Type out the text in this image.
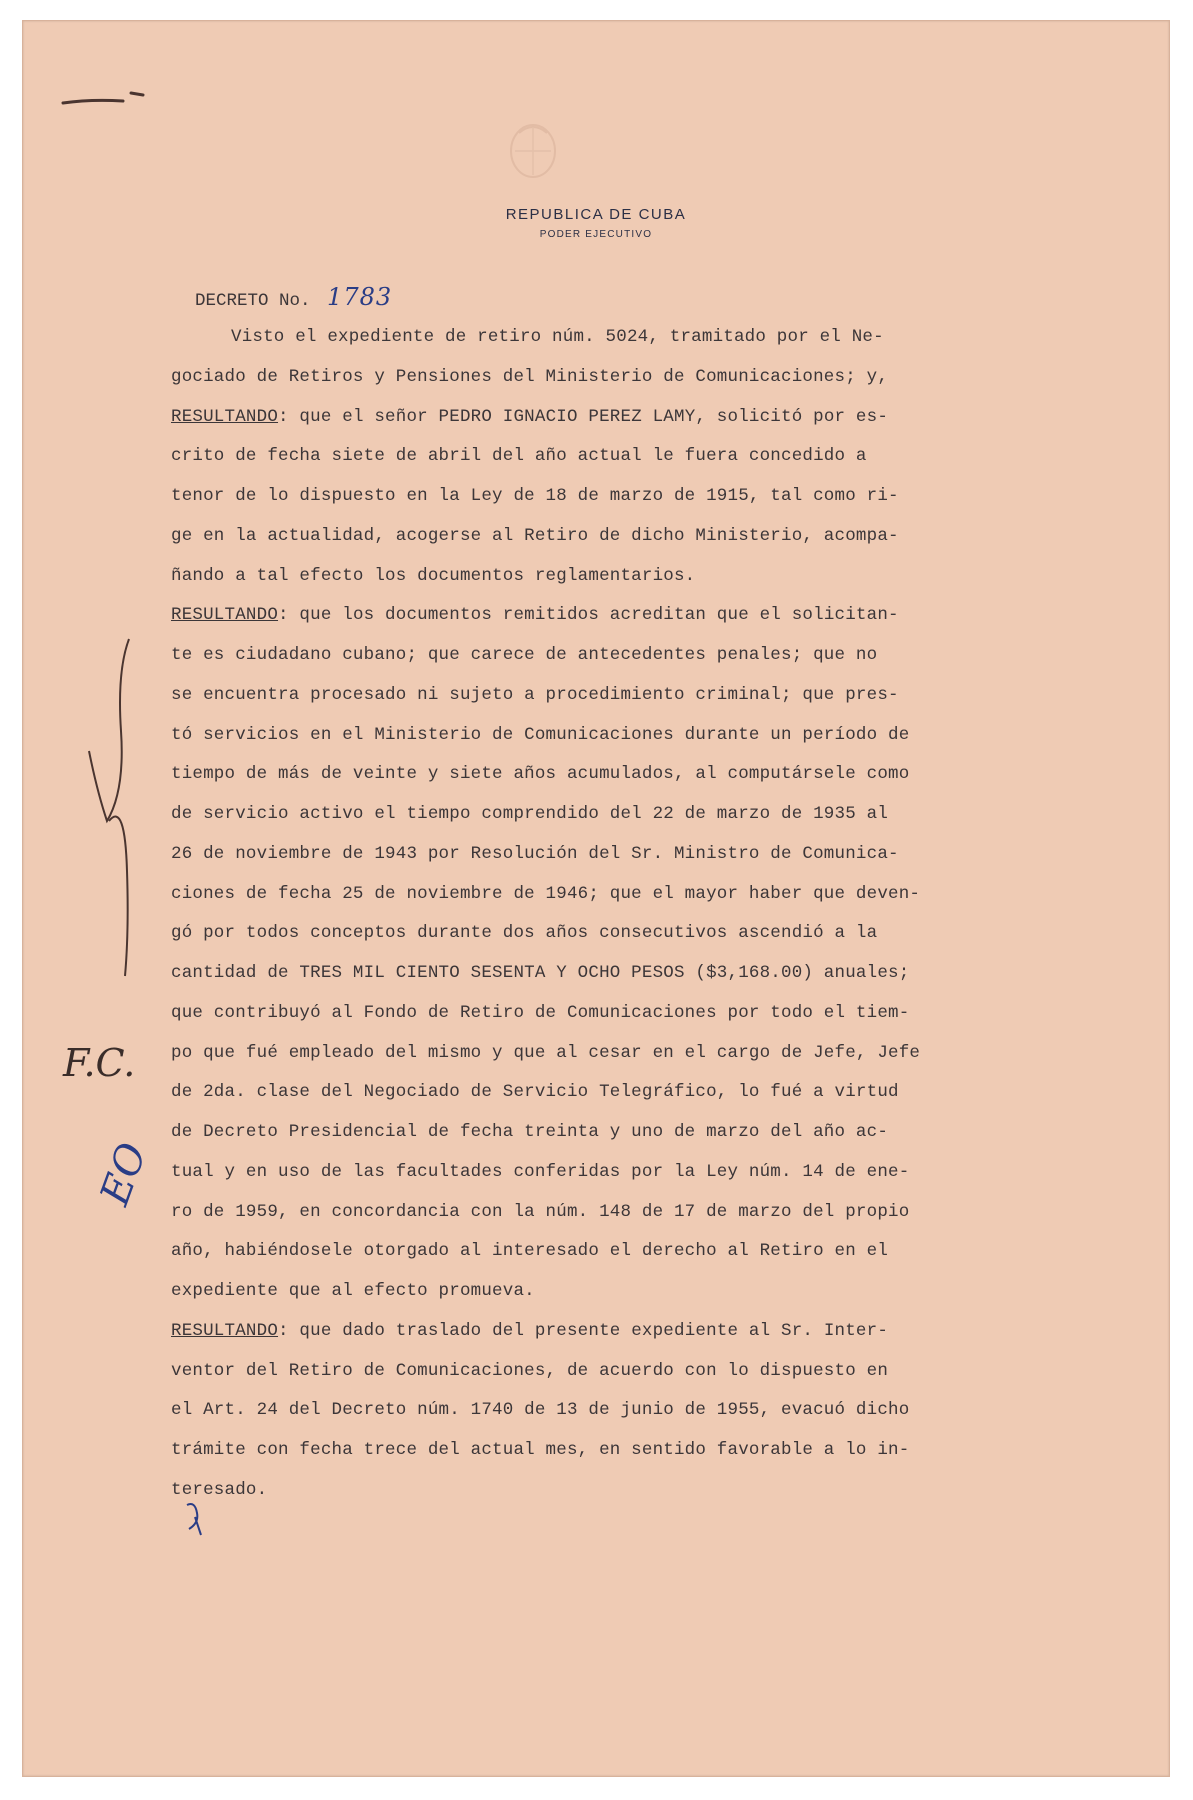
REPUBLICA DE CUBA
PODER EJECUTIVO
DECRETO No. 1783
Visto el expediente de retiro núm. 5024, tramitado por el Ne-
gociado de Retiros y Pensiones del Ministerio de Comunicaciones; y,
RESULTANDO: que el señor PEDRO IGNACIO PEREZ LAMY, solicitó por es-
crito de fecha siete de abril del año actual le fuera concedido a
tenor de lo dispuesto en la Ley de 18 de marzo de 1915, tal como ri-
ge en la actualidad, acogerse al Retiro de dicho Ministerio, acompa-
ñando a tal efecto los documentos reglamentarios.
RESULTANDO: que los documentos remitidos acreditan que el solicitan-
te es ciudadano cubano; que carece de antecedentes penales; que no
se encuentra procesado ni sujeto a procedimiento criminal; que pres-
tó servicios en el Ministerio de Comunicaciones durante un período de
tiempo de más de veinte y siete años acumulados, al computársele como
de servicio activo el tiempo comprendido del 22 de marzo de 1935 al
26 de noviembre de 1943 por Resolución del Sr. Ministro de Comunica-
ciones de fecha 25 de noviembre de 1946; que el mayor haber que deven-
gó por todos conceptos durante dos años consecutivos ascendió a la
cantidad de TRES MIL CIENTO SESENTA Y OCHO PESOS ($3,168.00) anuales;
que contribuyó al Fondo de Retiro de Comunicaciones por todo el tiem-
po que fué empleado del mismo y que al cesar en el cargo de Jefe, Jefe
de 2da. clase del Negociado de Servicio Telegráfico, lo fué a virtud
de Decreto Presidencial de fecha treinta y uno de marzo del año ac-
tual y en uso de las facultades conferidas por la Ley núm. 14 de ene-
ro de 1959, en concordancia con la núm. 148 de 17 de marzo del propio
año, habiéndosele otorgado al interesado el derecho al Retiro en el
expediente que al efecto promueva.
RESULTANDO: que dado traslado del presente expediente al Sr. Inter-
ventor del Retiro de Comunicaciones, de acuerdo con lo dispuesto en
el Art. 24 del Decreto núm. 1740 de 13 de junio de 1955, evacuó dicho
trámite con fecha trece del actual mes, en sentido favorable a lo in-
teresado.
F.C.
EO
